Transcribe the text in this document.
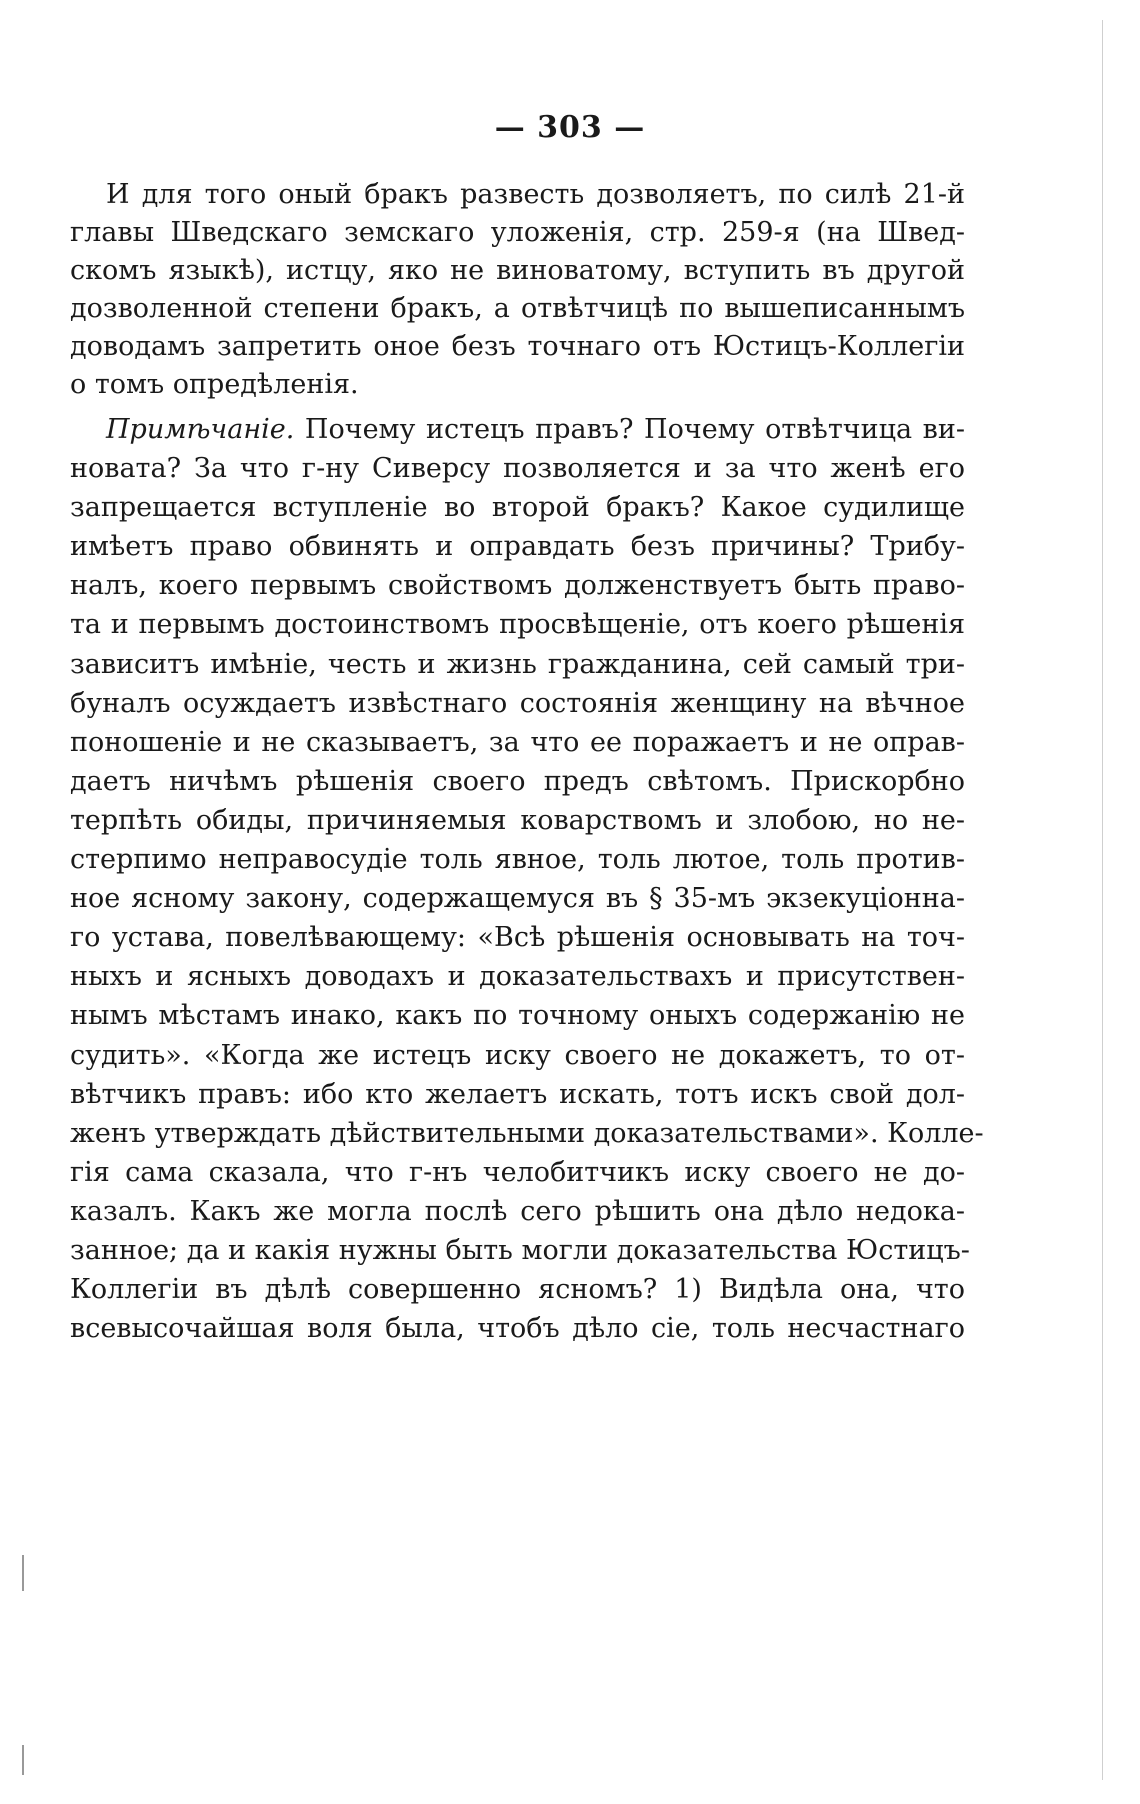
— 303 —
И для того оный бракъ развесть дозволяетъ, по силѣ 21-й
главы Шведскаго земскаго уложенія, стр. 259-я (на Швед-
скомъ языкѣ), истцу, яко не виноватому, вступить въ другой
дозволенной степени бракъ, а отвѣтчицѣ по вышеписаннымъ
доводамъ запретить оное безъ точнаго отъ Юстицъ-Коллегіи
о томъ опредѣленія.
Примѣчаніе. Почему истецъ правъ? Почему отвѣтчица ви-
новата? За что г-ну Сиверсу позволяется и за что женѣ его
запрещается вступленіе во второй бракъ? Какое судилище
имѣетъ право обвинять и оправдать безъ причины? Трибу-
налъ, коего первымъ свойствомъ долженствуетъ быть право-
та и первымъ достоинствомъ просвѣщеніе, отъ коего рѣшенія
зависитъ имѣніе, честь и жизнь гражданина, сей самый три-
буналъ осуждаетъ извѣстнаго состоянія женщину на вѣчное
поношеніе и не сказываетъ, за что ее поражаетъ и не оправ-
даетъ ничѣмъ рѣшенія своего предъ свѣтомъ. Прискорбно
терпѣть обиды, причиняемыя коварствомъ и злобою, но не-
стерпимо неправосудіе толь явное, толь лютое, толь против-
ное ясному закону, содержащемуся въ § 35-мъ экзекуціонна-
го устава, повелѣвающему: «Всѣ рѣшенія основывать на точ-
ныхъ и ясныхъ доводахъ и доказательствахъ и присутствен-
нымъ мѣстамъ инако, какъ по точному оныхъ содержанію не
судить». «Когда же истецъ иску своего не докажетъ, то от-
вѣтчикъ правъ: ибо кто желаетъ искать, тотъ искъ свой дол-
женъ утверждать дѣйствительными доказательствами». Колле-
гія сама сказала, что г-нъ челобитчикъ иску своего не до-
казалъ. Какъ же могла послѣ сего рѣшить она дѣло недока-
занное; да и какія нужны быть могли доказательства Юстицъ-
Коллегіи въ дѣлѣ совершенно ясномъ? 1) Видѣла она, что
всевысочайшая воля была, чтобъ дѣло сіе, толь несчастнаго
